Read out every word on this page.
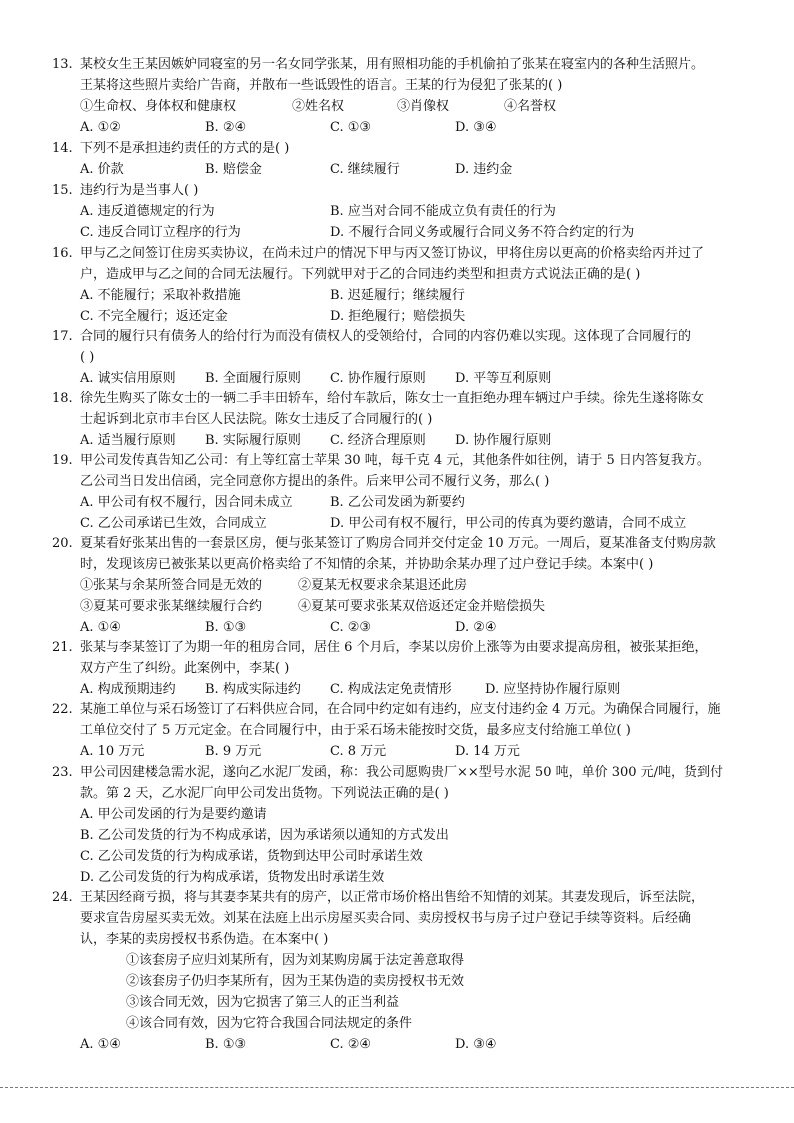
13. 某校女生王某因嫉妒同寝室的另一名女同学张某，用有照相功能的手机偷拍了张某在寝室内的各种生活照片。
王某将这些照片卖给广告商，并散布一些诋毁性的语言。王某的行为侵犯了张某的( )
①生命权、身体权和健康权	②姓名权	③肖像权	④名誉权
A. ①②	B. ②④	C. ①③	D. ③④
14. 下列不是承担违约责任的方式的是( )
A. 价款	B. 赔偿金	C. 继续履行	D. 违约金
15. 违约行为是当事人( )
A. 违反道德规定的行为	B. 应当对合同不能成立负有责任的行为
C. 违反合同订立程序的行为	D. 不履行合同义务或履行合同义务不符合约定的行为
16. 甲与乙之间签订住房买卖协议，在尚未过户的情况下甲与丙又签订协议，甲将住房以更高的价格卖给丙并过了
户，造成甲与乙之间的合同无法履行。下列就甲对于乙的合同违约类型和担责方式说法正确的是( )
A. 不能履行；采取补救措施	B. 迟延履行；继续履行
C. 不完全履行；返还定金	D. 拒绝履行；赔偿损失
17. 合同的履行只有债务人的给付行为而没有债权人的受领给付，合同的内容仍难以实现。这体现了合同履行的
( )
A. 诚实信用原则	B. 全面履行原则	C. 协作履行原则	D. 平等互利原则
18. 徐先生购买了陈女士的一辆二手丰田轿车，给付车款后，陈女士一直拒绝办理车辆过户手续。徐先生遂将陈女
士起诉到北京市丰台区人民法院。陈女士违反了合同履行的( )
A. 适当履行原则	B. 实际履行原则	C. 经济合理原则	D. 协作履行原则
19. 甲公司发传真告知乙公司：有上等红富士苹果 30 吨，每千克 4 元，其他条件如往例，请于 5 日内答复我方。
乙公司当日发出信函，完全同意你方提出的条件。后来甲公司不履行义务，那么( )
A. 甲公司有权不履行，因合同未成立	B. 乙公司发函为新要约
C. 乙公司承诺已生效，合同成立	D. 甲公司有权不履行，甲公司的传真为要约邀请，合同不成立
20. 夏某看好张某出售的一套景区房，便与张某签订了购房合同并交付定金 10 万元。一周后，夏某准备支付购房款
时，发现该房已被张某以更高价格卖给了不知情的余某，并协助余某办理了过户登记手续。本案中( )
①张某与余某所签合同是无效的	②夏某无权要求余某退还此房
③夏某可要求张某继续履行合约	④夏某可要求张某双倍返还定金并赔偿损失
A. ①④	B. ①③	C. ②③	D. ②④
21. 张某与李某签订了为期一年的租房合同，居住 6 个月后，李某以房价上涨等为由要求提高房租，被张某拒绝，
双方产生了纠纷。此案例中，李某( )
A. 构成预期违约	B. 构成实际违约	C. 构成法定免责情形	D. 应坚持协作履行原则
22. 某施工单位与采石场签订了石料供应合同，在合同中约定如有违约，应支付违约金 4 万元。为确保合同履行，施
工单位交付了 5 万元定金。在合同履行中，由于采石场未能按时交货，最多应支付给施工单位( )
A. 10 万元	B. 9 万元	C. 8 万元	D. 14 万元
23. 甲公司因建楼急需水泥，遂向乙水泥厂发函，称：我公司愿购贵厂××型号水泥 50 吨，单价 300 元/吨，货到付
款。第 2 天，乙水泥厂向甲公司发出货物。下列说法正确的是( )
A. 甲公司发函的行为是要约邀请
B. 乙公司发货的行为不构成承诺，因为承诺须以通知的方式发出
C. 乙公司发货的行为构成承诺，货物到达甲公司时承诺生效
D. 乙公司发货的行为构成承诺，货物发出时承诺生效
24. 王某因经商亏损，将与其妻李某共有的房产，以正常市场价格出售给不知情的刘某。其妻发现后，诉至法院，
要求宣告房屋买卖无效。刘某在法庭上出示房屋买卖合同、卖房授权书与房子过户登记手续等资料。后经确
认，李某的卖房授权书系伪造。在本案中( )
①该套房子应归刘某所有，因为刘某购房属于法定善意取得
②该套房子仍归李某所有，因为王某伪造的卖房授权书无效
③该合同无效，因为它损害了第三人的正当利益
④该合同有效，因为它符合我国合同法规定的条件
A. ①④	B. ①③	C. ②④	D. ③④
